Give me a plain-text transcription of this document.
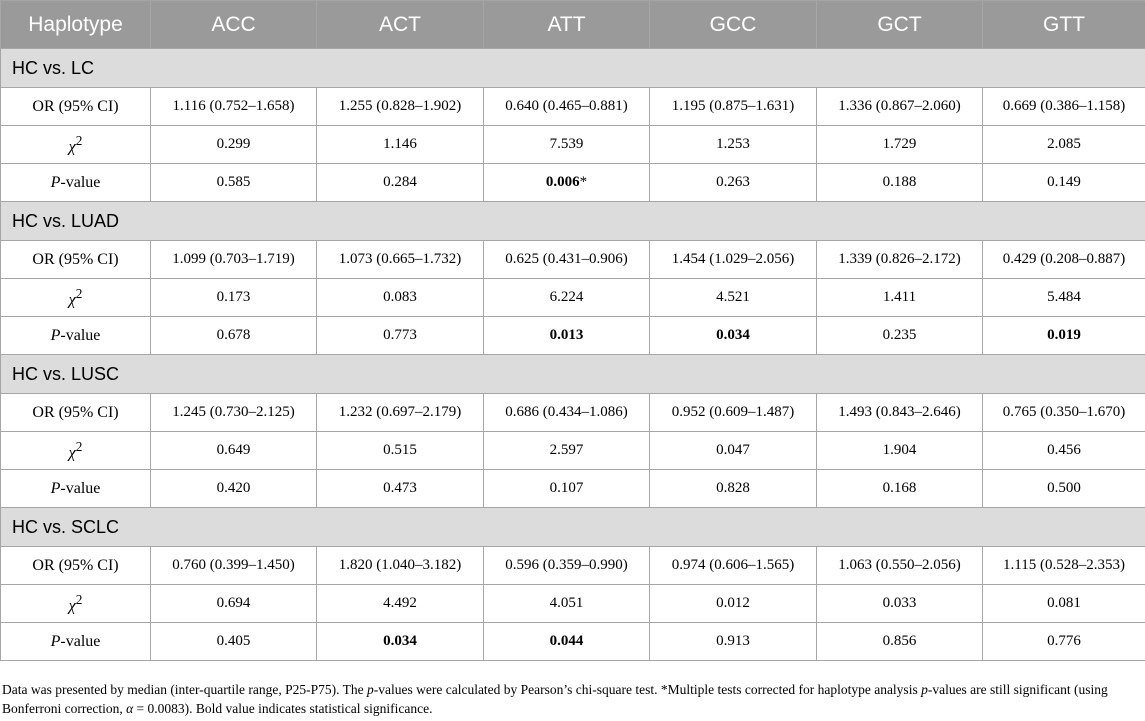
Haplotype	ACC	ACT	ATT	GCC	GCT	GTT
HC vs. LC						
OR (95% CI)	1.116 (0.752–1.658)	1.255 (0.828–1.902)	0.640 (0.465–0.881)	1.195 (0.875–1.631)	1.336 (0.867–2.060)	0.669 (0.386–1.158)
$\chi^2$	0.299	1.146	7.539	1.253	1.729	2.085
P-value	0.585	0.284	0.006*	0.263	0.188	0.149
HC vs. LUAD						
OR (95% CI)	1.099 (0.703–1.719)	1.073 (0.665–1.732)	0.625 (0.431–0.906)	1.454 (1.029–2.056)	1.339 (0.826–2.172)	0.429 (0.208–0.887)
$\chi^2$	0.173	0.083	6.224	4.521	1.411	5.484
P-value	0.678	0.773	0.013	0.034	0.235	0.019
HC vs. LUSC						
OR (95% CI)	1.245 (0.730–2.125)	1.232 (0.697–2.179)	0.686 (0.434–1.086)	0.952 (0.609–1.487)	1.493 (0.843–2.646)	0.765 (0.350–1.670)
$\chi^2$	0.649	0.515	2.597	0.047	1.904	0.456
P-value	0.420	0.473	0.107	0.828	0.168	0.500
HC vs. SCLC						
OR (95% CI)	0.760 (0.399–1.450)	1.820 (1.040–3.182)	0.596 (0.359–0.990)	0.974 (0.606–1.565)	1.063 (0.550–2.056)	1.115 (0.528–2.353)
$\chi^2$	0.694	4.492	4.051	0.012	0.033	0.081
P-value	0.405	0.034	0.044	0.913	0.856	0.776
Data was presented by median (inter-quartile range, P25-P75). The p-values were calculated by Pearson’s chi-square test. *Multiple tests corrected for haplotype analysis p-values are still significant (using Bonferroni correction, α = 0.0083). Bold value indicates statistical significance.
